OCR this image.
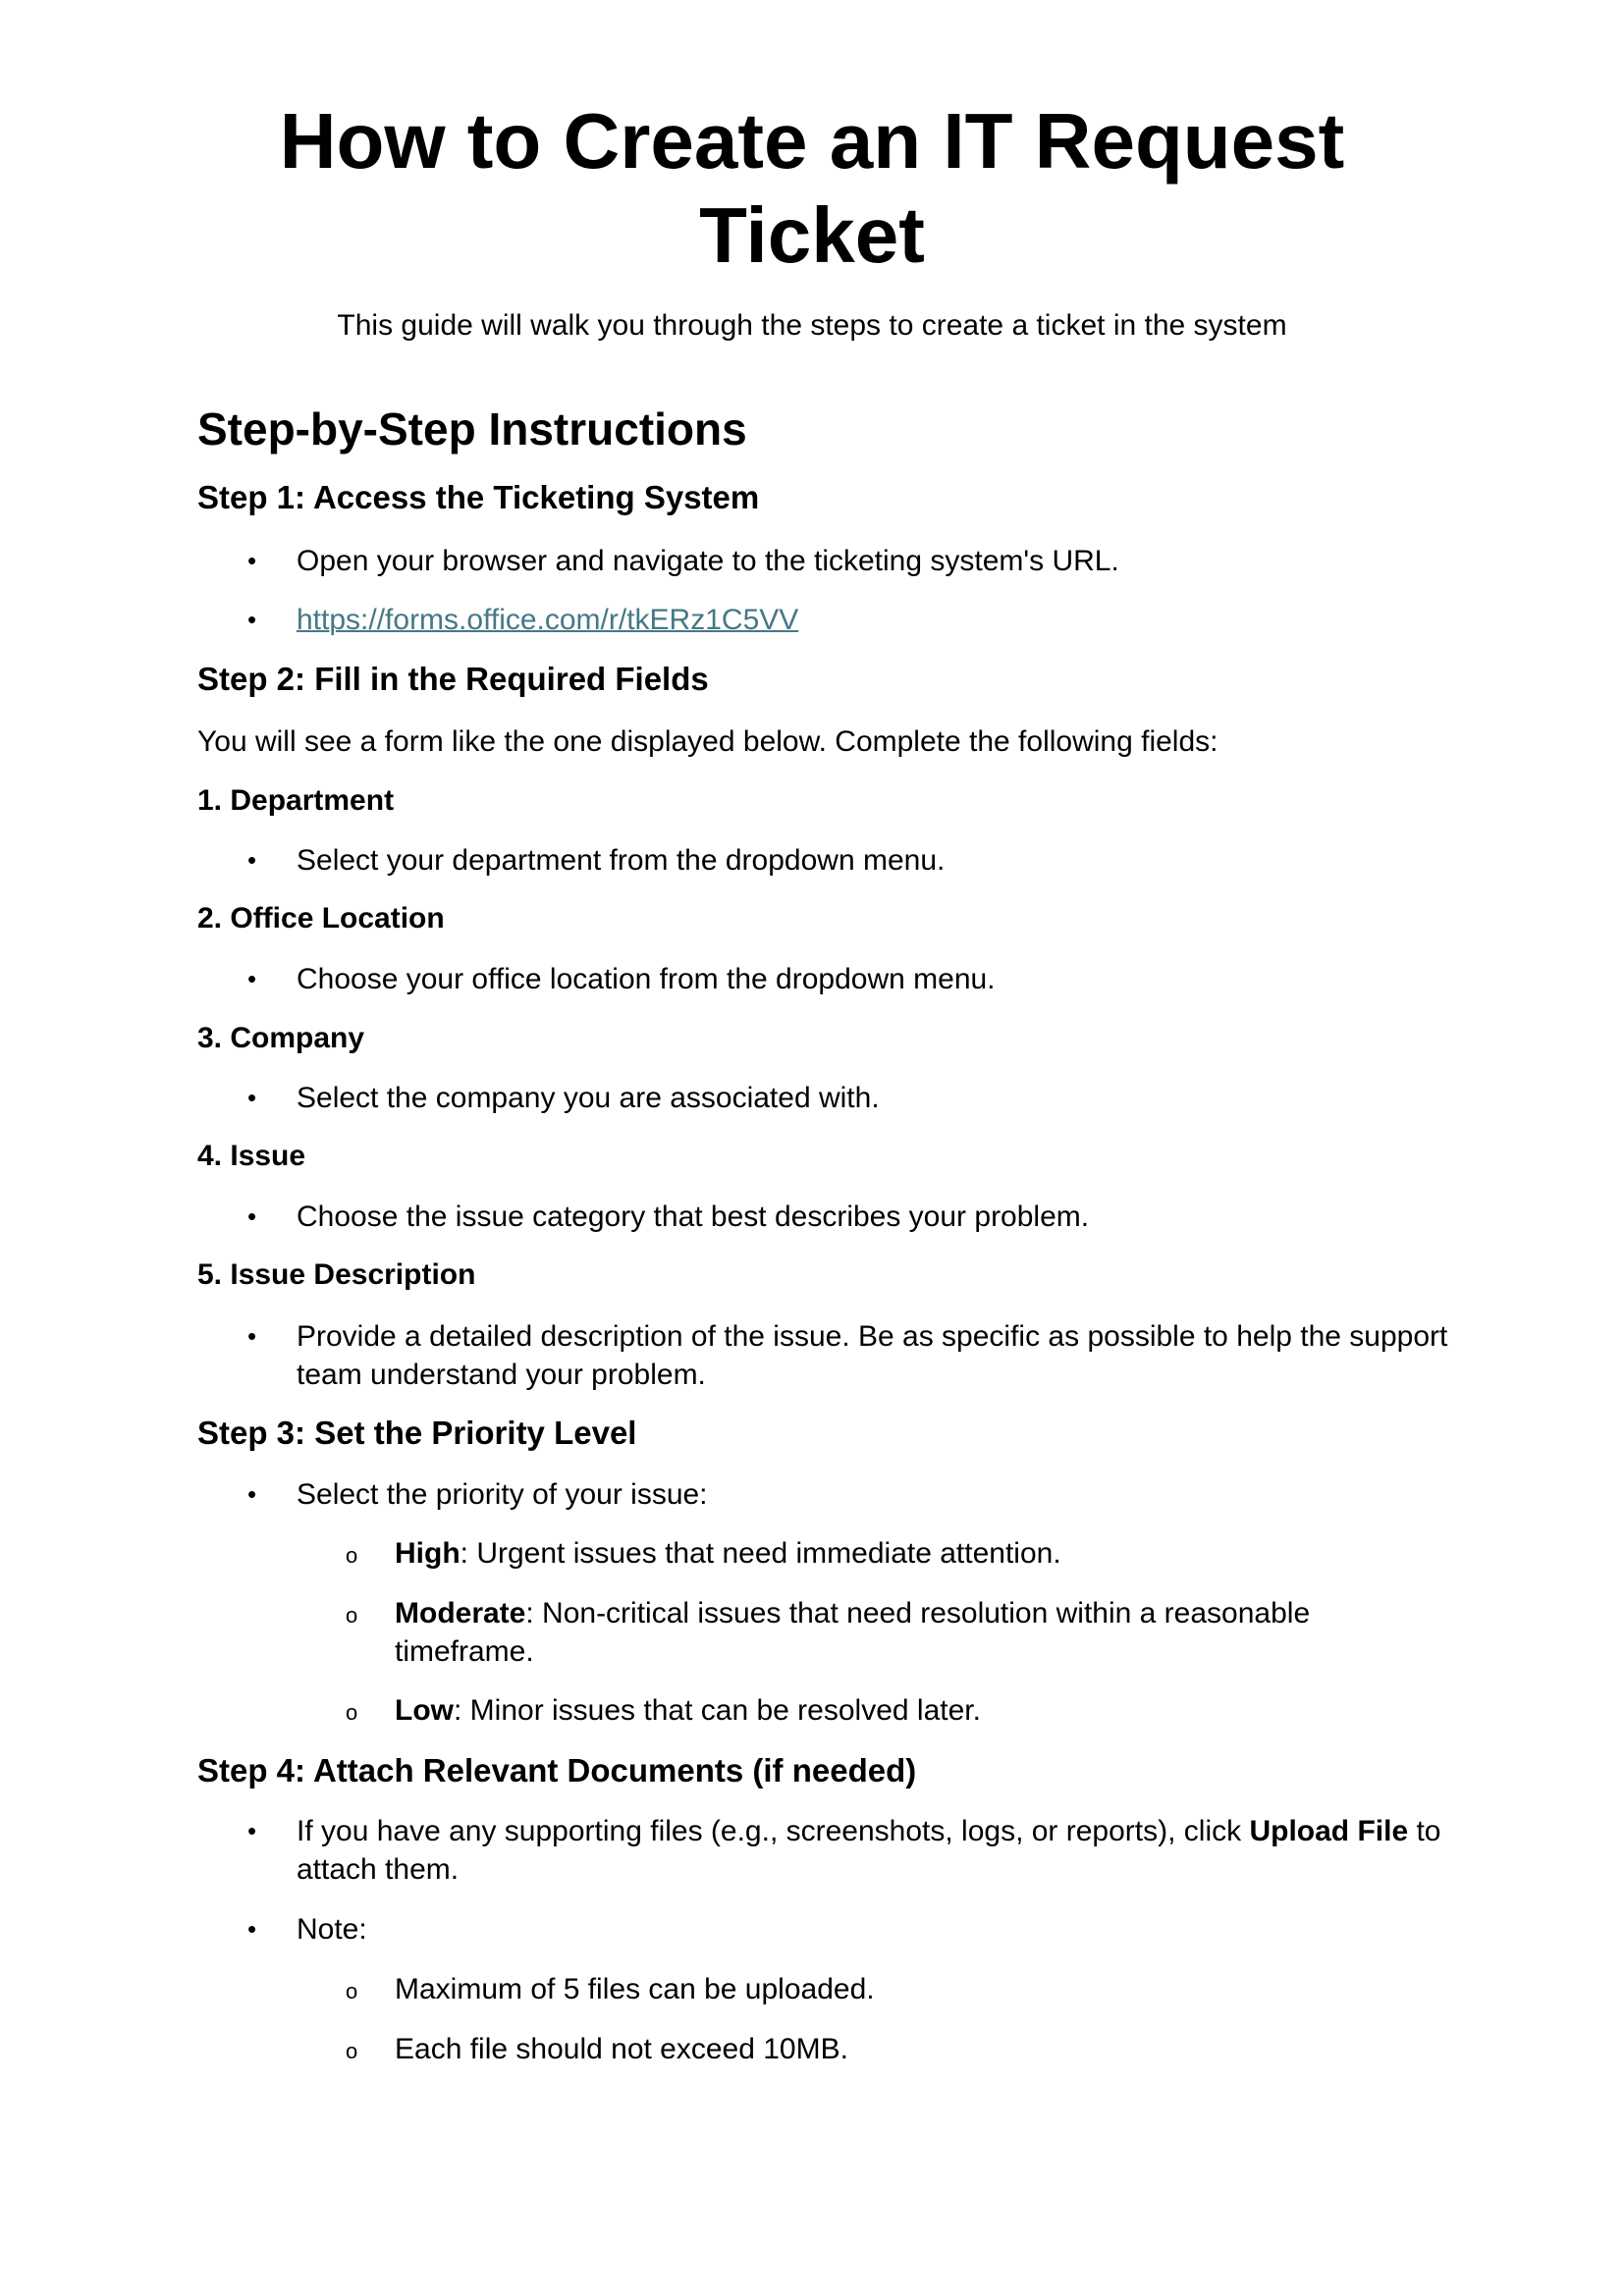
How to Create an IT Request
Ticket

This guide will walk you through the steps to create a ticket in the system

Step-by-Step Instructions
Step 1: Access the Ticketing System
• Open your browser and navigate to the ticketing system's URL.
• https://forms.office.com/r/tkERz1C5VV
Step 2: Fill in the Required Fields

You will see a form like the one displayed below. Complete the following fields:

1. Department
• Select your department from the dropdown menu.
2. Office Location
• Choose your office location from the dropdown menu.
3. Company
• Select the company you are associated with.
4. Issue
• Choose the issue category that best describes your problem.
5. Issue Description
• Provide a detailed description of the issue. Be as specific as possible to help the support team understand your problem.
Step 3: Set the Priority Level
• Select the priority of your issue:
o High: Urgent issues that need immediate attention.
o Moderate: Non-critical issues that need resolution within a reasonable timeframe.
o Low: Minor issues that can be resolved later.
Step 4: Attach Relevant Documents (if needed)
• If you have any supporting files (e.g., screenshots, logs, or reports), click Upload File to attach them.
• Note:
o Maximum of 5 files can be uploaded.
o Each file should not exceed 10MB.
